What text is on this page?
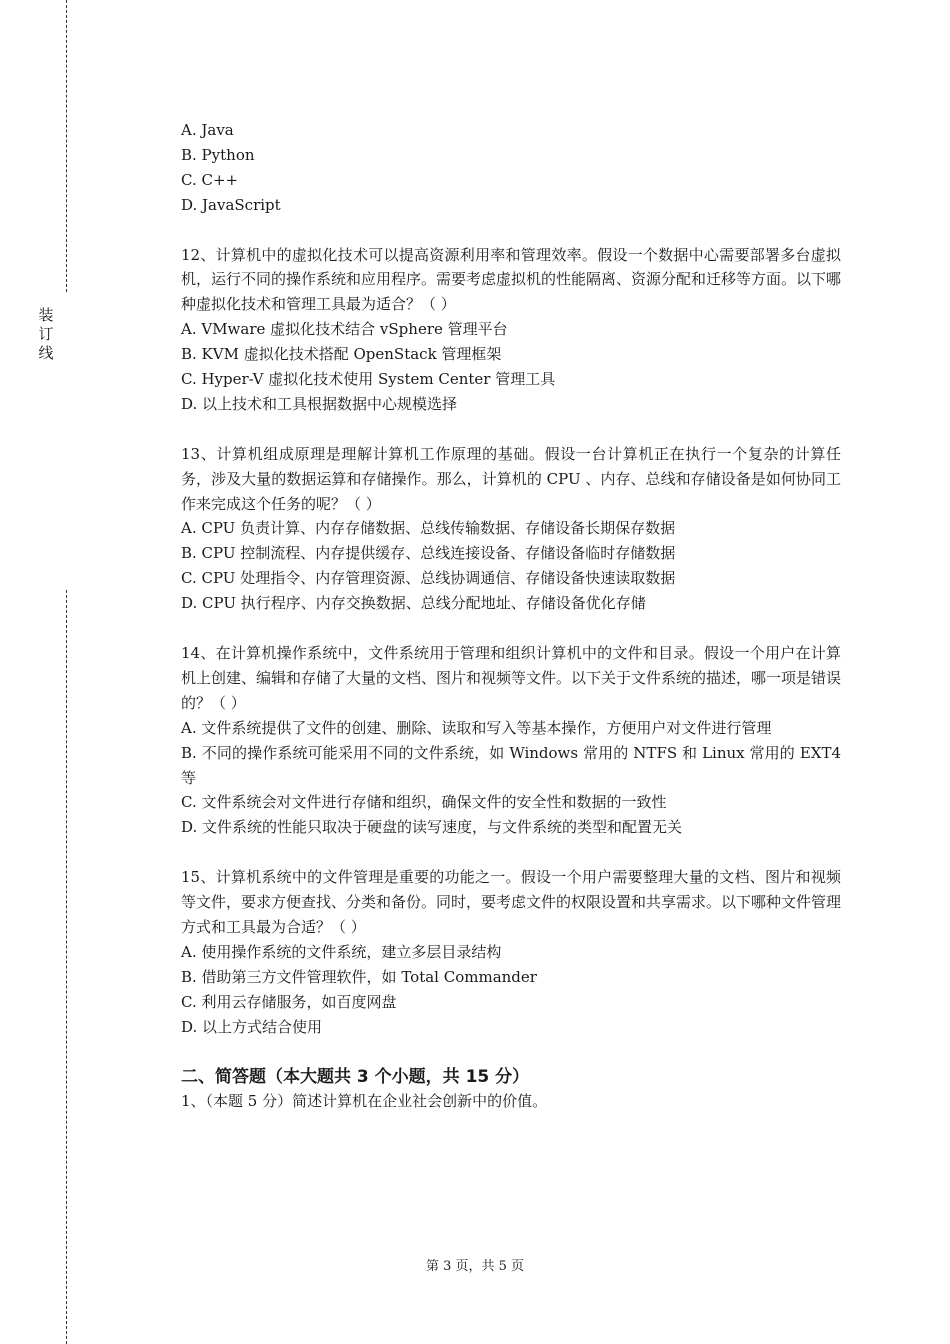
装订线
A. Java
B. Python
C. C++
D. JavaScript
12、计算机中的虚拟化技术可以提高资源利用率和管理效率。假设一个数据中心需要部署多台虚拟机，运行不同的操作系统和应用程序。需要考虑虚拟机的性能隔离、资源分配和迁移等方面。以下哪种虚拟化技术和管理工具最为适合？（ ）
A. VMware 虚拟化技术结合 vSphere 管理平台
B. KVM 虚拟化技术搭配 OpenStack 管理框架
C. Hyper-V 虚拟化技术使用 System Center 管理工具
D. 以上技术和工具根据数据中心规模选择
13、计算机组成原理是理解计算机工作原理的基础。假设一台计算机正在执行一个复杂的计算任务，涉及大量的数据运算和存储操作。那么，计算机的 CPU 、内存、总线和存储设备是如何协同工作来完成这个任务的呢？（ ）
A. CPU 负责计算、内存存储数据、总线传输数据、存储设备长期保存数据
B. CPU 控制流程、内存提供缓存、总线连接设备、存储设备临时存储数据
C. CPU 处理指令、内存管理资源、总线协调通信、存储设备快速读取数据
D. CPU 执行程序、内存交换数据、总线分配地址、存储设备优化存储
14、在计算机操作系统中，文件系统用于管理和组织计算机中的文件和目录。假设一个用户在计算机上创建、编辑和存储了大量的文档、图片和视频等文件。以下关于文件系统的描述，哪一项是错误的？（ ）
A. 文件系统提供了文件的创建、删除、读取和写入等基本操作，方便用户对文件进行管理
B. 不同的操作系统可能采用不同的文件系统，如 Windows 常用的 NTFS 和 Linux 常用的 EXT4 等
C. 文件系统会对文件进行存储和组织，确保文件的安全性和数据的一致性
D. 文件系统的性能只取决于硬盘的读写速度，与文件系统的类型和配置无关
15、计算机系统中的文件管理是重要的功能之一。假设一个用户需要整理大量的文档、图片和视频等文件，要求方便查找、分类和备份。同时，要考虑文件的权限设置和共享需求。以下哪种文件管理方式和工具最为合适？（ ）
A. 使用操作系统的文件系统，建立多层目录结构
B. 借助第三方文件管理软件，如 Total Commander
C. 利用云存储服务，如百度网盘
D. 以上方式结合使用
二、简答题（本大题共 3 个小题，共 15 分）
1、（本题 5 分）简述计算机在企业社会创新中的价值。
第 3 页，共 5 页
